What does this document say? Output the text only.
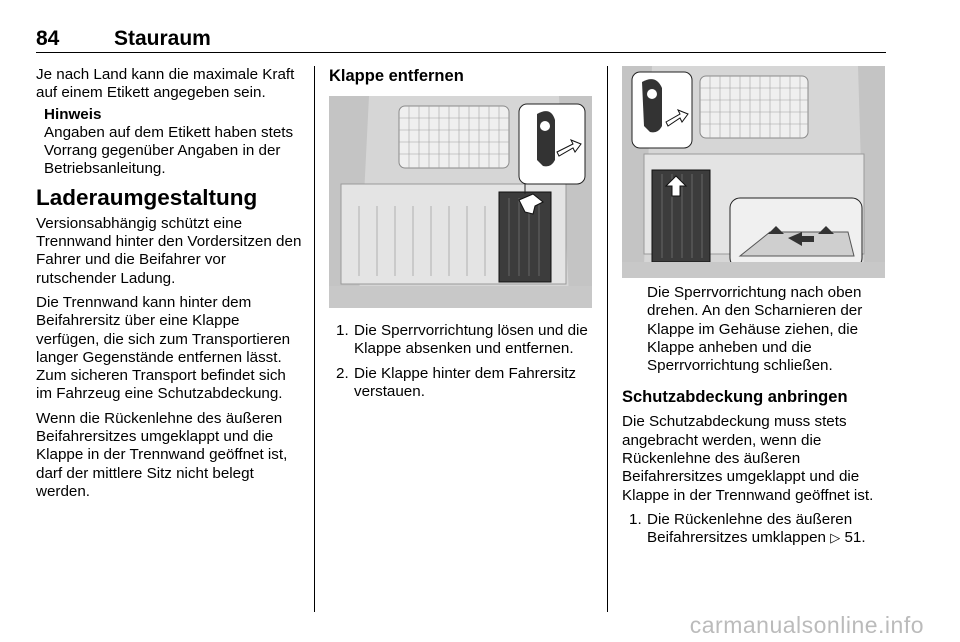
84	Stauraum

Je nach Land kann die maximale Kraft auf einem Etikett angegeben sein.

Hinweis

Angaben auf dem Etikett haben stets Vorrang gegenüber Angaben in der Betriebsanleitung.

Laderaumgestaltung

Versionsabhängig schützt eine Trennwand hinter den Vordersitzen den Fahrer und die Beifahrer vor rutschender Ladung.

Die Trennwand kann hinter dem Beifahrersitz über eine Klappe verfügen, die sich zum Transportieren langer Gegenstände entfernen lässt. Zum sicheren Transport befindet sich im Fahrzeug eine Schutzabdeckung.

Wenn die Rückenlehne des äußeren Beifahrersitzes umgeklappt und die Klappe in der Trennwand geöffnet ist, darf der mittlere Sitz nicht belegt werden.

Klappe entfernen

1. Die Sperrvorrichtung lösen und die Klappe absenken und entfernen.
2. Die Klappe hinter dem Fahrersitz verstauen.

Die Sperrvorrichtung nach oben drehen. An den Scharnieren der Klappe im Gehäuse ziehen, die Klappe anheben und die Sperrvorrichtung schließen.

Schutzabdeckung anbringen

Die Schutzabdeckung muss stets angebracht werden, wenn die Rückenlehne des äußeren Beifahrersitzes umgeklappt und die Klappe in der Trennwand geöffnet ist.

1. Die Rückenlehne des äußeren Beifahrersitzes umklappen ▷ 51.
carmanualsonline.info
